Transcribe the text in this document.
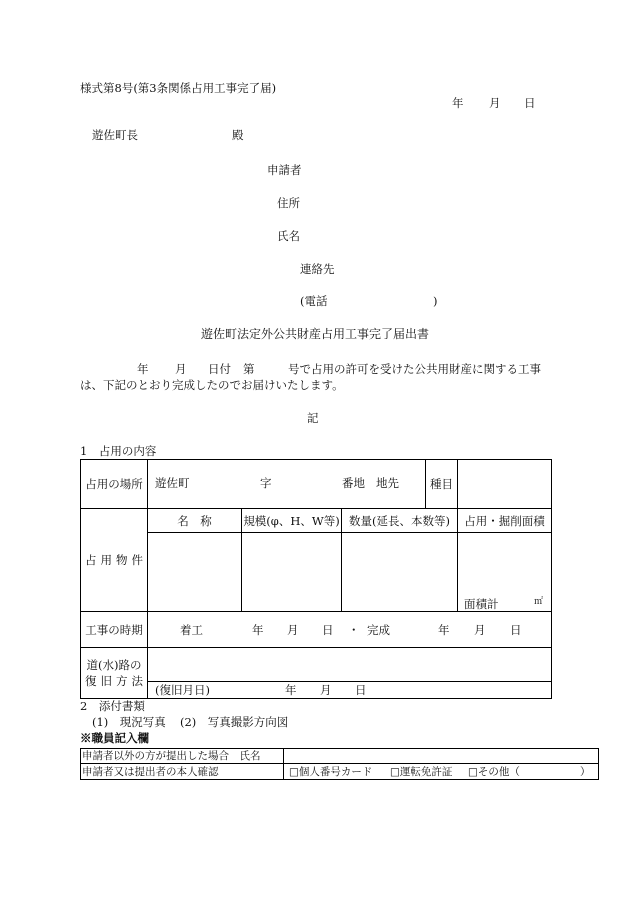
様式第8号(第3条関係占用工事完了届)
年 月 日
遊佐町長	殿
申請者
住所
氏名
連絡先
(電話	)
遊佐町法定外公共財産占用工事完了届出書
年 月 日付 第	号で占用の許可を受けた公共用財産に関する工事
は、下記のとおり完成したのでお届けいたします。
記
1　占用の内容
占用の場所 遊佐町	字	番地 地先	種目
占用物件
名　称	規模(φ、H、W等) 数量(延長、本数等) 占用・掘削面積
面積計	㎡
工事の時期	着工	年 月 日 ・ 完成	年 月 日
道(水)路の
復旧方法
(復旧月日)	年 月 日
2　添付書類
(1)　現況写真 (2)　写真撮影方向図
※職員記入欄
申請者以外の方が提出した場合　氏名
申請者又は提出者の本人確認	□個人番号カード □運転免許証 □その他（	）
